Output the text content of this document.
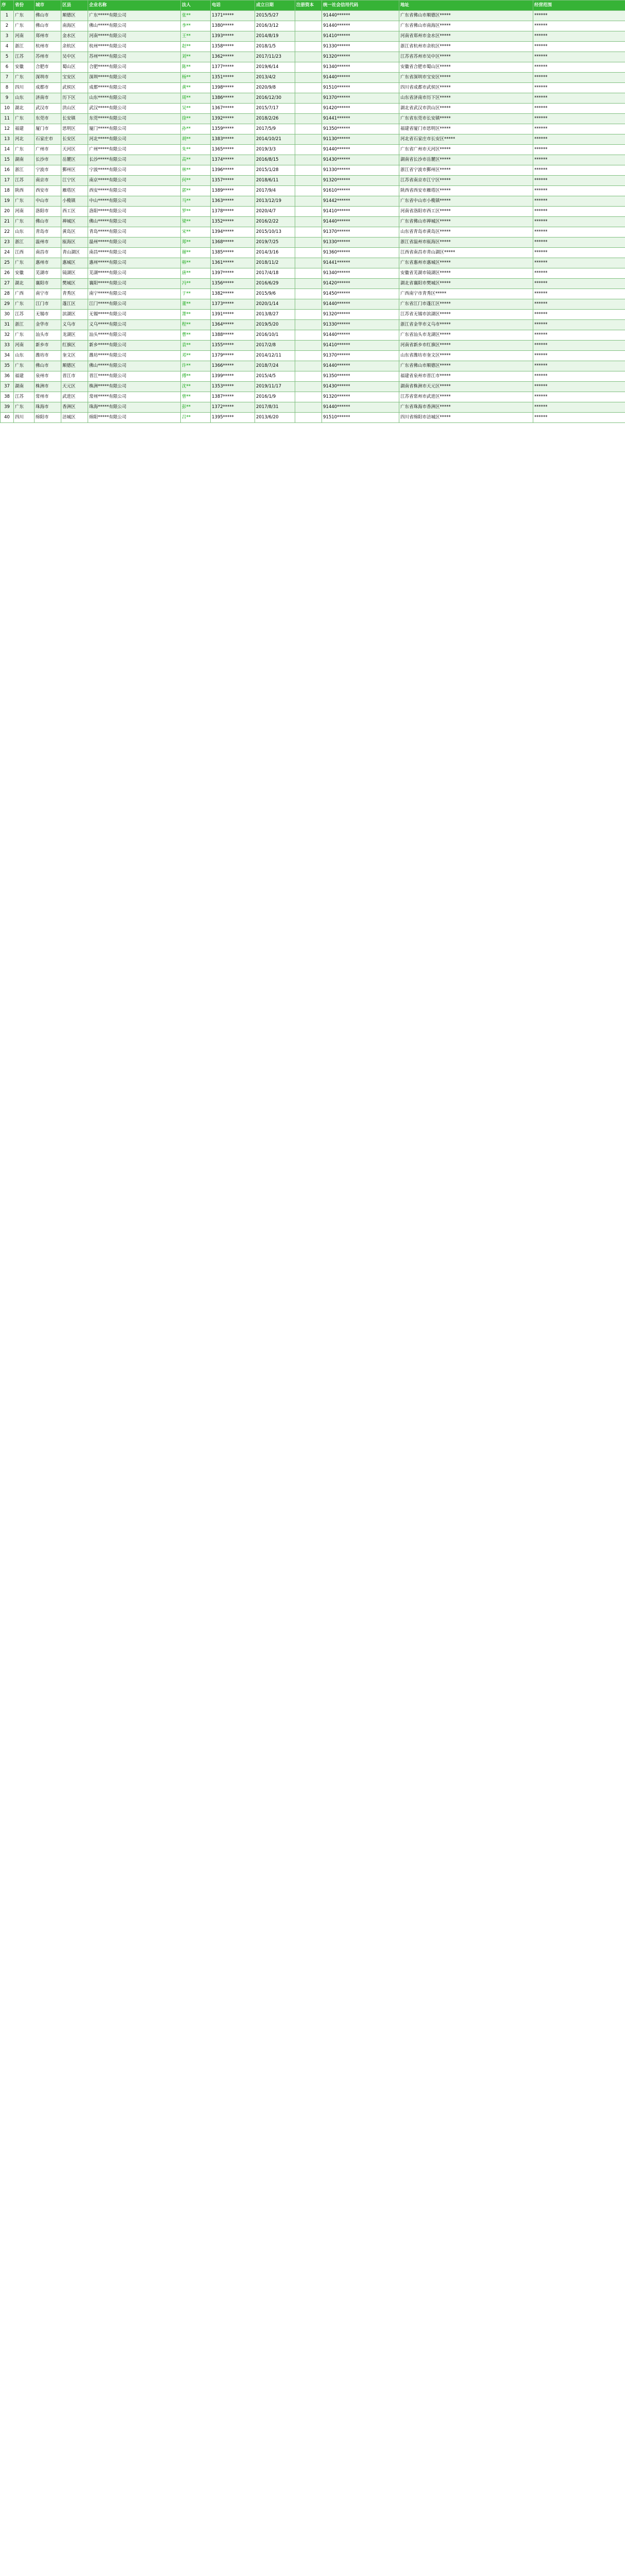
序	省份	城市	区县	企业名称	法人	电话	成立日期	注册资本	统一社会信用代码	地址	经营范围
1	广东	佛山市	顺德区	广东*****有限公司	张**	1371*****	2015/5/27		91440******	广东省佛山市顺德区*****	******
2	广东	佛山市	南海区	佛山*****有限公司	李**	1380*****	2016/3/12		91440******	广东省佛山市南海区*****	******
3	河南	郑州市	金水区	河南*****有限公司	王**	1393*****	2014/8/19		91410******	河南省郑州市金水区*****	******
4	浙江	杭州市	余杭区	杭州*****有限公司	赵**	1358*****	2018/1/5		91330******	浙江省杭州市余杭区*****	******
5	江苏	苏州市	吴中区	苏州*****有限公司	刘**	1362*****	2017/11/23		91320******	江苏省苏州市吴中区*****	******
6	安徽	合肥市	蜀山区	合肥*****有限公司	陈**	1377*****	2019/6/14		91340******	安徽省合肥市蜀山区*****	******
7	广东	深圳市	宝安区	深圳*****有限公司	杨**	1351*****	2013/4/2		91440******	广东省深圳市宝安区*****	******
8	四川	成都市	武侯区	成都*****有限公司	黄**	1398*****	2020/9/8		91510******	四川省成都市武侯区*****	******
9	山东	济南市	历下区	山东*****有限公司	周**	1386*****	2016/12/30		91370******	山东省济南市历下区*****	******
10	湖北	武汉市	洪山区	武汉*****有限公司	吴**	1367*****	2015/7/17		91420******	湖北省武汉市洪山区*****	******
11	广东	东莞市	长安镇	东莞*****有限公司	徐**	1392*****	2018/2/26		91441******	广东省东莞市长安镇*****	******
12	福建	厦门市	思明区	厦门*****有限公司	孙**	1359*****	2017/5/9		91350******	福建省厦门市思明区*****	******
13	河北	石家庄市	长安区	河北*****有限公司	胡**	1383*****	2014/10/21		91130******	河北省石家庄市长安区*****	******
14	广东	广州市	天河区	广州*****有限公司	朱**	1365*****	2019/3/3		91440******	广东省广州市天河区*****	******
15	湖南	长沙市	岳麓区	长沙*****有限公司	高**	1374*****	2016/8/15		91430******	湖南省长沙市岳麓区*****	******
16	浙江	宁波市	鄞州区	宁波*****有限公司	林**	1396*****	2015/1/28		91330******	浙江省宁波市鄞州区*****	******
17	江苏	南京市	江宁区	南京*****有限公司	何**	1357*****	2018/6/11		91320******	江苏省南京市江宁区*****	******
18	陕西	西安市	雁塔区	西安*****有限公司	郭**	1389*****	2017/9/4		91610******	陕西省西安市雁塔区*****	******
19	广东	中山市	小榄镇	中山*****有限公司	马**	1363*****	2013/12/19		91442******	广东省中山市小榄镇*****	******
20	河南	洛阳市	西工区	洛阳*****有限公司	罗**	1378*****	2020/4/7		91410******	河南省洛阳市西工区*****	******
21	广东	佛山市	禅城区	佛山*****有限公司	梁**	1352*****	2016/2/22		91440******	广东省佛山市禅城区*****	******
22	山东	青岛市	黄岛区	青岛*****有限公司	宋**	1394*****	2015/10/13		91370******	山东省青岛市黄岛区*****	******
23	浙江	温州市	瓯海区	温州*****有限公司	郑**	1368*****	2019/7/25		91330******	浙江省温州市瓯海区*****	******
24	江西	南昌市	青山湖区	南昌*****有限公司	谢**	1385*****	2014/3/16		91360******	江西省南昌市青山湖区*****	******
25	广东	惠州市	惠城区	惠州*****有限公司	韩**	1361*****	2018/11/2		91441******	广东省惠州市惠城区*****	******
26	安徽	芜湖市	镜湖区	芜湖*****有限公司	唐**	1397*****	2017/4/18		91340******	安徽省芜湖市镜湖区*****	******
27	湖北	襄阳市	樊城区	襄阳*****有限公司	冯**	1356*****	2016/6/29		91420******	湖北省襄阳市樊城区*****	******
28	广西	南宁市	青秀区	南宁*****有限公司	于**	1382*****	2015/9/6		91450******	广西南宁市青秀区*****	******
29	广东	江门市	蓬江区	江门*****有限公司	董**	1373*****	2020/1/14		91440******	广东省江门市蓬江区*****	******
30	江苏	无锡市	滨湖区	无锡*****有限公司	萧**	1391*****	2013/8/27		91320******	江苏省无锡市滨湖区*****	******
31	浙江	金华市	义乌市	义乌*****有限公司	程**	1364*****	2019/5/20		91330******	浙江省金华市义乌市*****	******
32	广东	汕头市	龙湖区	汕头*****有限公司	曹**	1388*****	2016/10/1		91440******	广东省汕头市龙湖区*****	******
33	河南	新乡市	红旗区	新乡*****有限公司	袁**	1355*****	2017/2/8		91410******	河南省新乡市红旗区*****	******
34	山东	潍坊市	奎文区	潍坊*****有限公司	邓**	1379*****	2014/12/11		91370******	山东省潍坊市奎文区*****	******
35	广东	佛山市	顺德区	佛山*****有限公司	许**	1366*****	2018/7/24		91440******	广东省佛山市顺德区*****	******
36	福建	泉州市	晋江市	晋江*****有限公司	傅**	1399*****	2015/4/5		91350******	福建省泉州市晋江市*****	******
37	湖南	株洲市	天元区	株洲*****有限公司	沈**	1353*****	2019/11/17		91430******	湖南省株洲市天元区*****	******
38	江苏	常州市	武进区	常州*****有限公司	曾**	1387*****	2016/1/9		91320******	江苏省常州市武进区*****	******
39	广东	珠海市	香洲区	珠海*****有限公司	彭**	1372*****	2017/8/31		91440******	广东省珠海市香洲区*****	******
40	四川	绵阳市	涪城区	绵阳*****有限公司	吕**	1395*****	2013/6/20		91510******	四川省绵阳市涪城区*****	******
